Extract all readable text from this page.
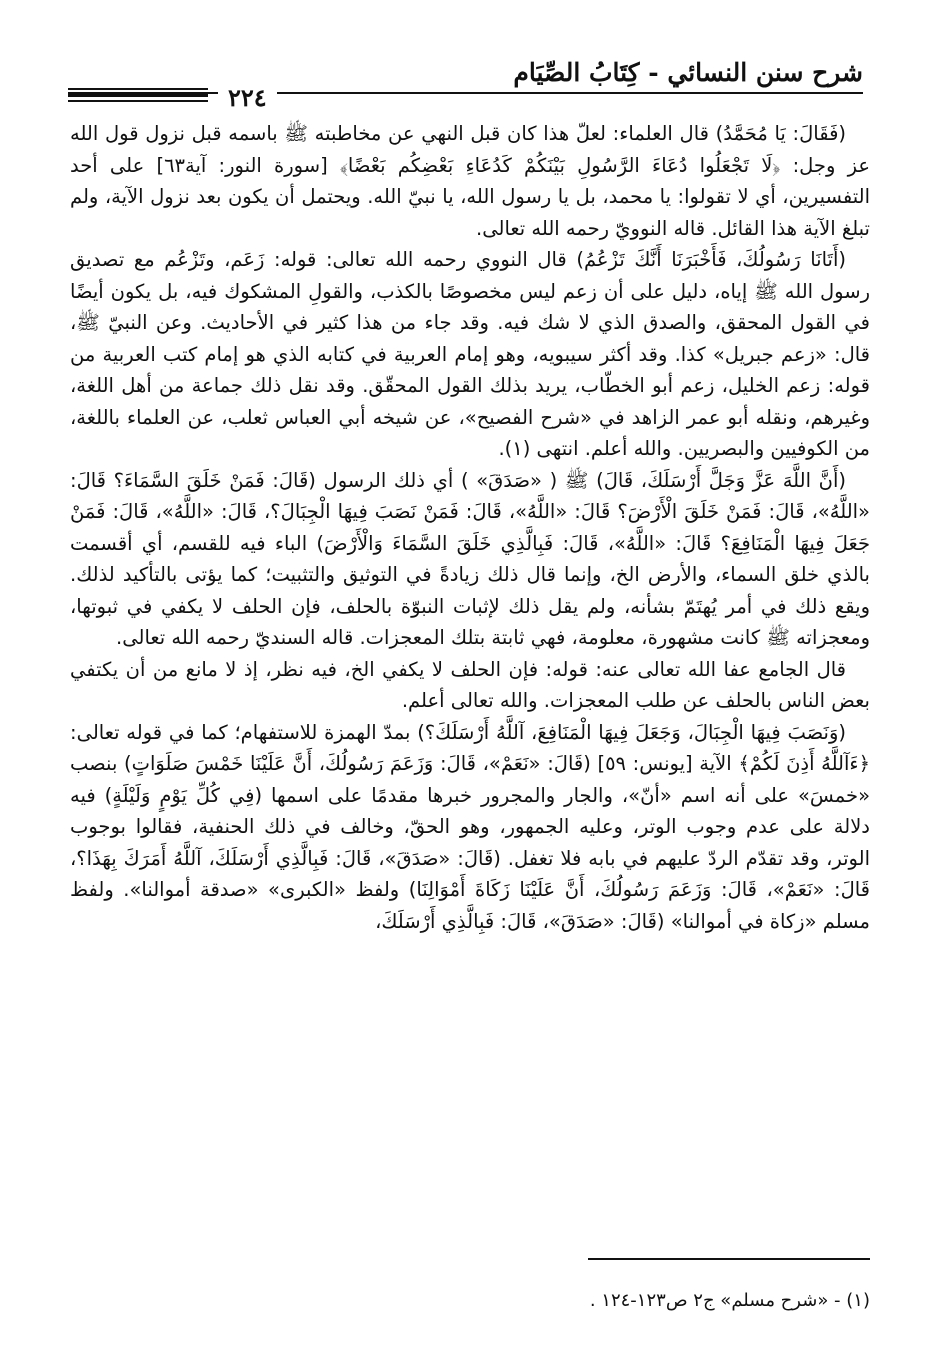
شرح سنن النسائي - كِتَابُ الصِّيَام
٢٢٤

(فَقَالَ: يَا مُحَمَّدُ) قال العلماء: لعلّ هذا كان قبل النهي عن مخاطبته ﷺ باسمه قبل نزول قول الله عز وجل: ﴿لَا تَجْعَلُوا دُعَاءَ الرَّسُولِ بَيْنَكُمْ كَدُعَاءِ بَعْضِكُم بَعْضًا﴾ [سورة النور: آية٦٣] على أحد التفسيرين، أي لا تقولوا: يا محمد، بل يا رسول الله، يا نبيّ الله. ويحتمل أن يكون بعد نزول الآية، ولم تبلغ الآية هذا القائل. قاله النوويّ رحمه الله تعالى.

(أَتَانَا رَسُولُكَ، فَأَخْبَرَنَا أَنَّكَ تَزْعُمُ) قال النووي رحمه الله تعالى: قوله: زَعَم، وتَزْعُم مع تصديق رسول الله ﷺ إياه، دليل على أن زعم ليس مخصوصًا بالكذب، والقولِ المشكوك فيه، بل يكون أيضًا في القول المحقق، والصدق الذي لا شك فيه. وقد جاء من هذا كثير في الأحاديث. وعن النبيّ ﷺ، قال: «زعم جبريل» كذا. وقد أكثر سيبويه، وهو إمام العربية في كتابه الذي هو إمام كتب العربية من قوله: زعم الخليل، زعم أبو الخطّاب، يريد بذلك القول المحقّق. وقد نقل ذلك جماعة من أهل اللغة، وغيرهم، ونقله أبو عمر الزاهد في «شرح الفصيح»، عن شيخه أبي العباس ثعلب، عن العلماء باللغة، من الكوفيين والبصريين. والله أعلم. انتهى (١).

(أَنَّ اللَّهَ عَزَّ وَجَلَّ أَرْسَلَكَ، قَالَ) ﷺ ( «صَدَقَ» ) أي ذلك الرسول (قَالَ: فَمَنْ خَلَقَ السَّمَاءَ؟ قَالَ: «اللَّهُ»، قَالَ: فَمَنْ خَلَقَ الْأَرْضَ؟ قَالَ: «اللَّهُ»، قَالَ: فَمَنْ نَصَبَ فِيهَا الْجِبَالَ؟، قَالَ: «اللَّهُ»، قَالَ: فَمَنْ جَعَلَ فِيهَا الْمَنَافِعَ؟ قَالَ: «اللَّهُ»، قَالَ: فَبِالَّذِي خَلَقَ السَّمَاءَ وَالْأَرْضَ) الباء فيه للقسم، أي أقسمت بالذي خلق السماء، والأرض الخ، وإنما قال ذلك زيادةً في التوثيق والتثبيت؛ كما يؤتى بالتأكيد لذلك. ويقع ذلك في أمر يُهتَمّ بشأنه، ولم يقل ذلك لإثبات النبوّة بالحلف، فإن الحلف لا يكفي في ثبوتها، ومعجزاته ﷺ كانت مشهورة، معلومة، فهي ثابتة بتلك المعجزات. قاله السنديّ رحمه الله تعالى.

قال الجامع عفا الله تعالى عنه: قوله: فإن الحلف لا يكفي الخ، فيه نظر، إذ لا مانع من أن يكتفي بعض الناس بالحلف عن طلب المعجزات. والله تعالى أعلم.

(وَنَصَبَ فِيهَا الْجِبَالَ، وَجَعَلَ فِيهَا الْمَنَافِعَ، آللَّهُ أَرْسَلَكَ؟) بمدّ الهمزة للاستفهام؛ كما في قوله تعالى: ﴿ءَآللَّهُ أَذِنَ لَكُمْ﴾ الآية [يونس: ٥٩] (قَالَ: «نَعَمْ»، قَالَ: وَزَعَمَ رَسُولُكَ، أَنَّ عَلَيْنَا خَمْسَ صَلَوَاتٍ) بنصب «خمسَ» على أنه اسم «أنّ»، والجار والمجرور خبرها مقدمًا على اسمها (فِي كُلِّ يَوْمٍ وَلَيْلَةٍ) فيه دلالة على عدم وجوب الوتر، وعليه الجمهور، وهو الحقّ، وخالف في ذلك الحنفية، فقالوا بوجوب الوتر، وقد تقدّم الردّ عليهم في بابه فلا تغفل. (قَالَ: «صَدَقَ»، قَالَ: فَبِالَّذِي أَرْسَلَكَ، آللَّهُ أَمَرَكَ بِهَذَا؟، قَالَ: «نَعَمْ»، قَالَ: وَزَعَمَ رَسُولُكَ، أَنَّ عَلَيْنَا زَكَاةَ أَمْوَالِنَا) ولفظ «الكبرى» «صدقة أموالنا». ولفظ مسلم «زكاة في أموالنا» (قَالَ: «صَدَقَ»، قَالَ: فَبِالَّذِي أَرْسَلَكَ،

(١) - «شرح مسلم» ج٢ ص١٢٣-١٢٤ .
